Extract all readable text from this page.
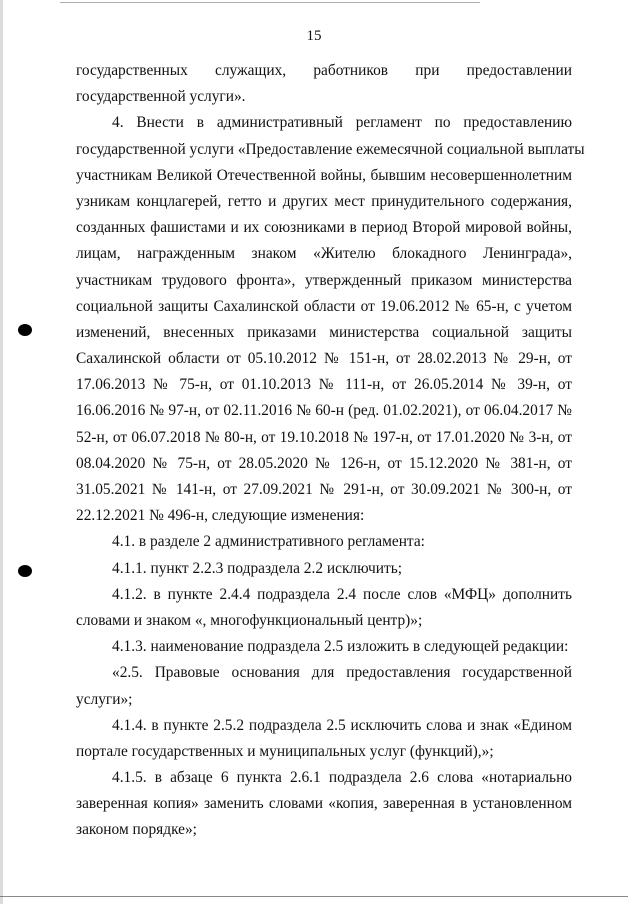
15
государственных служащих, работников при предоставлении
государственной услуги».
4. Внести в административный регламент по предоставлению
государственной услуги «Предоставление ежемесячной социальной выплаты
участникам Великой Отечественной войны, бывшим несовершеннолетним
узникам концлагерей, гетто и других мест принудительного содержания,
созданных фашистами и их союзниками в период Второй мировой войны,
лицам, награжденным знаком «Жителю блокадного Ленинграда»,
участникам трудового фронта», утвержденный приказом министерства
социальной защиты Сахалинской области от 19.06.2012 № 65-н, с учетом
изменений, внесенных приказами министерства социальной защиты
Сахалинской области от 05.10.2012 № 151-н, от 28.02.2013 № 29-н, от
17.06.2013 № 75-н, от 01.10.2013 № 111-н, от 26.05.2014 № 39-н, от
16.06.2016 № 97-н, от 02.11.2016 № 60-н (ред. 01.02.2021), от 06.04.2017 №
52-н, от 06.07.2018 № 80-н, от 19.10.2018 № 197-н, от 17.01.2020 № 3-н, от
08.04.2020 № 75-н, от 28.05.2020 № 126-н, от 15.12.2020 № 381-н, от
31.05.2021 № 141-н, от 27.09.2021 № 291-н, от 30.09.2021 № 300-н, от
22.12.2021 № 496-н, следующие изменения:
4.1. в разделе 2 административного регламента:
4.1.1. пункт 2.2.3 подраздела 2.2 исключить;
4.1.2. в пункте 2.4.4 подраздела 2.4 после слов «МФЦ» дополнить
словами и знаком «, многофункциональный центр)»;
4.1.3. наименование подраздела 2.5 изложить в следующей редакции:
«2.5. Правовые основания для предоставления государственной
услуги»;
4.1.4. в пункте 2.5.2 подраздела 2.5 исключить слова и знак «Едином
портале государственных и муниципальных услуг (функций),»;
4.1.5. в абзаце 6 пункта 2.6.1 подраздела 2.6 слова «нотариально
заверенная копия» заменить словами «копия, заверенная в установленном
законом порядке»;
